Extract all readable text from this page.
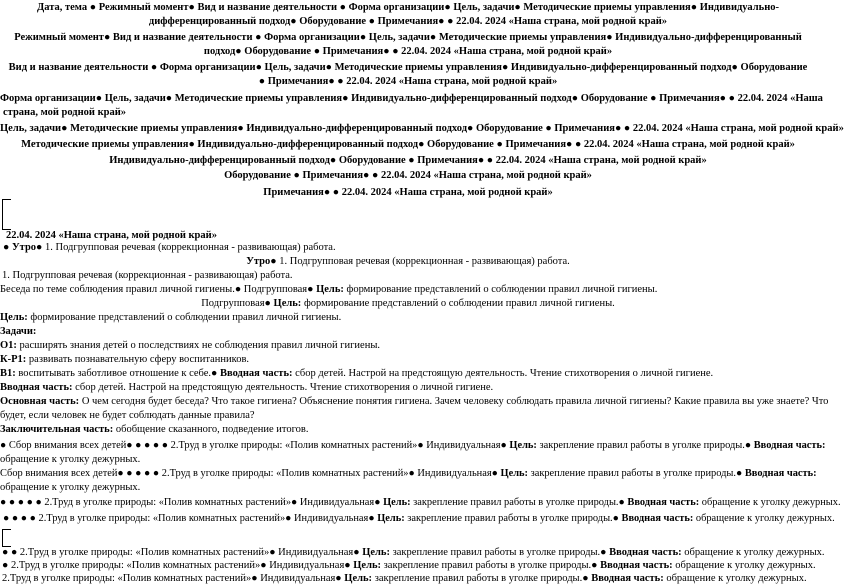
Дата, тема ● Режимный момент● Вид и название деятельности ● Форма организации● Цель, задачи● Методические приемы управления● Индивидуально-
дифференцированный подход● Оборудование ● Примечания● ● 22.04. 2024 «Наша страна, мой родной край»
Режимный момент● Вид и название деятельности ● Форма организации● Цель, задачи● Методические приемы управления● Индивидуально-дифференцированный
подход● Оборудование ● Примечания● ● 22.04. 2024 «Наша страна, мой родной край»
Вид и название деятельности ● Форма организации● Цель, задачи● Методические приемы управления● Индивидуально-дифференцированный подход● Оборудование
● Примечания● ● 22.04. 2024 «Наша страна, мой родной край»
Форма организации● Цель, задачи● Методические приемы управления● Индивидуально-дифференцированный подход● Оборудование ● Примечания● ● 22.04. 2024 «Наша
страна, мой родной край»
Цель, задачи● Методические приемы управления● Индивидуально-дифференцированный подход● Оборудование ● Примечания● ● 22.04. 2024 «Наша страна, мой родной край»
Методические приемы управления● Индивидуально-дифференцированный подход● Оборудование ● Примечания● ● 22.04. 2024 «Наша страна, мой родной край»
Индивидуально-дифференцированный подход● Оборудование ● Примечания● ● 22.04. 2024 «Наша страна, мой родной край»
Оборудование ● Примечания● ● 22.04. 2024 «Наша страна, мой родной край»
Примечания● ● 22.04. 2024 «Наша страна, мой родной край»
22.04. 2024 «Наша страна, мой родной край»
● Утро● 1. Подгрупповая речевая (коррекционная - развивающая) работа.
Утро● 1. Подгрупповая речевая (коррекционная - развивающая) работа.
1. Подгрупповая речевая (коррекционная - развивающая) работа.
Беседа по теме соблюдения правил личной гигиены.● Подгрупповая● Цель: формирование представлений о соблюдении правил личной гигиены.
Подгрупповая● Цель: формирование представлений о соблюдении правил личной гигиены.
Цель: формирование представлений о соблюдении правил личной гигиены.
Задачи:
О1: расширять знания детей о последствиях не соблюдения правил личной гигиены.
К-Р1: развивать познавательную сферу воспитанников.
В1: воспитывать заботливое отношение к себе.● Вводная часть: сбор детей. Настрой на предстоящую деятельность. Чтение стихотворения о личной гигиене.
Вводная часть: сбор детей. Настрой на предстоящую деятельность. Чтение стихотворения о личной гигиене.
Основная часть: О чем сегодня будет беседа? Что такое гигиена? Объяснение понятия гигиена. Зачем человеку соблюдать правила личной гигиены? Какие правила вы уже знаете? Что
будет, если человек не будет соблюдать данные правила?
Заключительная часть: обобщение сказанного, подведение итогов.
● Сбор внимания всех детей● ● ● ● ● 2.Труд в уголке природы: «Полив комнатных растений»● Индивидуальная● Цель: закрепление правил работы в уголке природы.● Вводная часть:
обращение к уголку дежурных.
Сбор внимания всех детей● ● ● ● ● 2.Труд в уголке природы: «Полив комнатных растений»● Индивидуальная● Цель: закрепление правил работы в уголке природы.● Вводная часть:
обращение к уголку дежурных.
● ● ● ● ● 2.Труд в уголке природы: «Полив комнатных растений»● Индивидуальная● Цель: закрепление правил работы в уголке природы.● Вводная часть: обращение к уголку дежурных.
● ● ● ● 2.Труд в уголке природы: «Полив комнатных растений»● Индивидуальная● Цель: закрепление правил работы в уголке природы.● Вводная часть: обращение к уголку дежурных.
● ● 2.Труд в уголке природы: «Полив комнатных растений»● Индивидуальная● Цель: закрепление правил работы в уголке природы.● Вводная часть: обращение к уголку дежурных.
● 2.Труд в уголке природы: «Полив комнатных растений»● Индивидуальная● Цель: закрепление правил работы в уголке природы.● Вводная часть: обращение к уголку дежурных.
2.Труд в уголке природы: «Полив комнатных растений»● Индивидуальная● Цель: закрепление правил работы в уголке природы.● Вводная часть: обращение к уголку дежурных.
